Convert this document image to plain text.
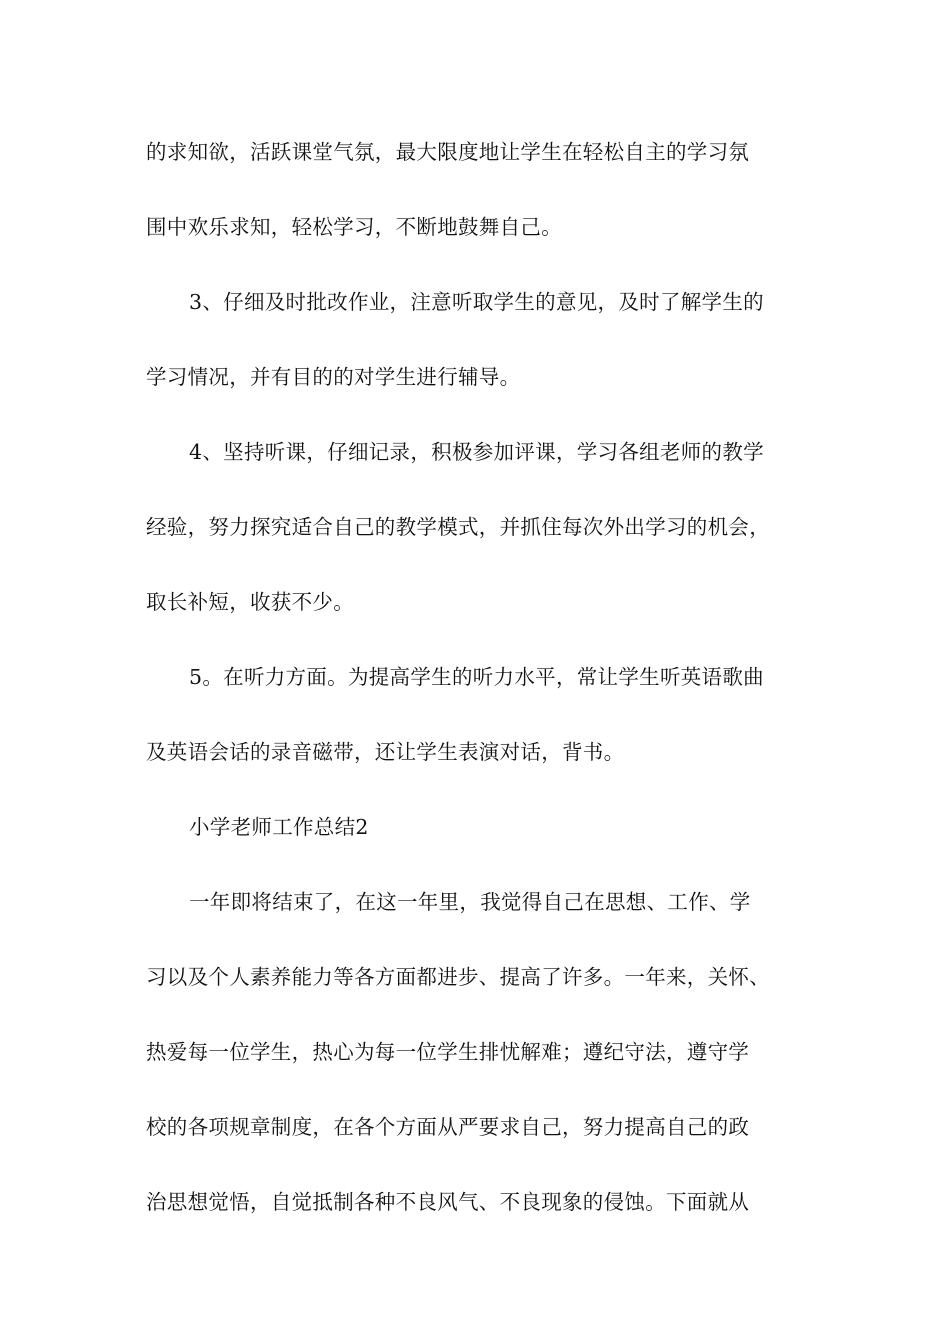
的求知欲，活跃课堂气氛，最大限度地让学生在轻松自主的学习氛
围中欢乐求知，轻松学习，不断地鼓舞自己。
3、仔细及时批改作业，注意听取学生的意见，及时了解学生的
学习情况，并有目的的对学生进行辅导。
4、坚持听课，仔细记录，积极参加评课，学习各组老师的教学
经验，努力探究适合自己的教学模式，并抓住每次外出学习的机会，
取长补短，收获不少。
5。在听力方面。为提高学生的听力水平，常让学生听英语歌曲
及英语会话的录音磁带，还让学生表演对话，背书。
小学老师工作总结2
一年即将结束了，在这一年里，我觉得自己在思想、工作、学
习以及个人素养能力等各方面都进步、提高了许多。一年来，关怀、
热爱每一位学生，热心为每一位学生排忧解难；遵纪守法，遵守学
校的各项规章制度，在各个方面从严要求自己，努力提高自己的政
治思想觉悟，自觉抵制各种不良风气、不良现象的侵蚀。下面就从
